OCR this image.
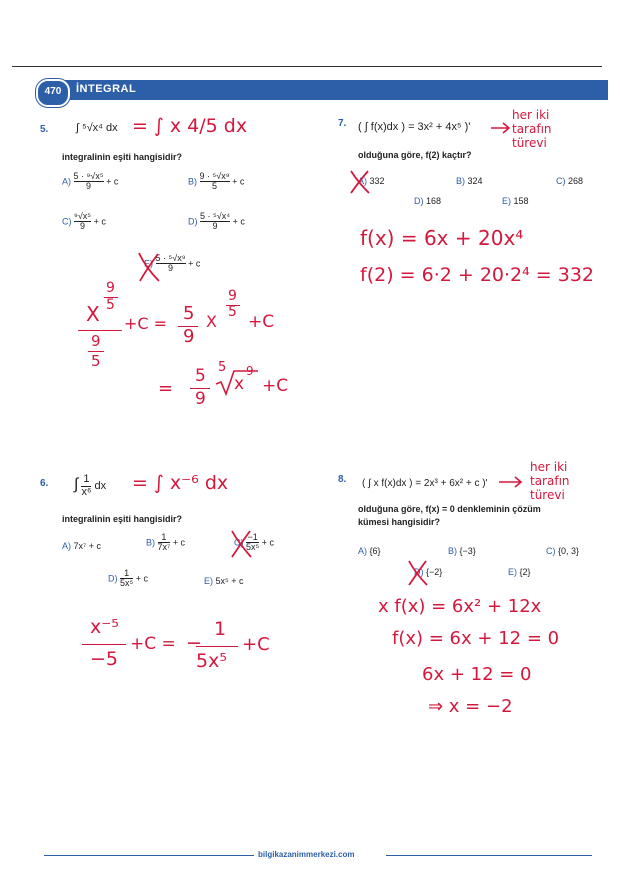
470	İNTEGRAL
5.	∫ ⁵√x⁴ dx = ∫ x 4/5 dx
integralinin eşiti hangisidir?
$A) \frac{\text{5 · ⁹√x⁵}}{9} + c$	$B) \frac{\text{9 · ⁵√x⁹}}{5} + c$
$C) \frac{\text{⁹√x⁵}}{9} + c$	$D) \frac{\text{5 · ⁵√x⁴}}{9} + c$
$E) \frac{\text{5 · ⁵√x⁹}}{9} + c$
9
5
X
9
5
+C = 5
9
X
9
5 +C
=
5
9
5
x
9
+C
7. ( ∫ f(x)dx ) = 3x² + 4x⁵ )'
her iki
tarafın
türevi
olduğuna göre, f(2) kaçtır?
A) 332	B) 324	C) 268
D) 168	E) 158
f(x) = 6x + 20x⁴
f(2) = 6·2 + 20·2⁴ = 332
6. ∫ $\frac{1}{\text{x⁶}}$ dx = ∫ x⁻⁶ dx
integralinin eşiti hangisidir?
A) 7x⁷ + c	$B) \frac{1}{\text{7x⁷}} + c$	$C) \frac{-1}{\text{5x⁵}} + c$
$D) \frac{1}{\text{5x⁵}} + c$	E) 5x⁵ + c
x⁻⁵
−5
+C = −
1
5x⁵
+C
8. ( ∫ x f(x)dx ) = 2x³ + 6x² + c )'
her iki
tarafın
türevi
olduğuna göre, f(x) = 0 denkleminin çözüm
kümesi hangisidir?
A) {6}	B) {−3}	C) {0, 3}
D) {−2}	E) {2}
x f(x) = 6x² + 12x
f(x) = 6x + 12 = 0
6x + 12 = 0
⇒ x = −2
bilgikazanimmerkezi.com
